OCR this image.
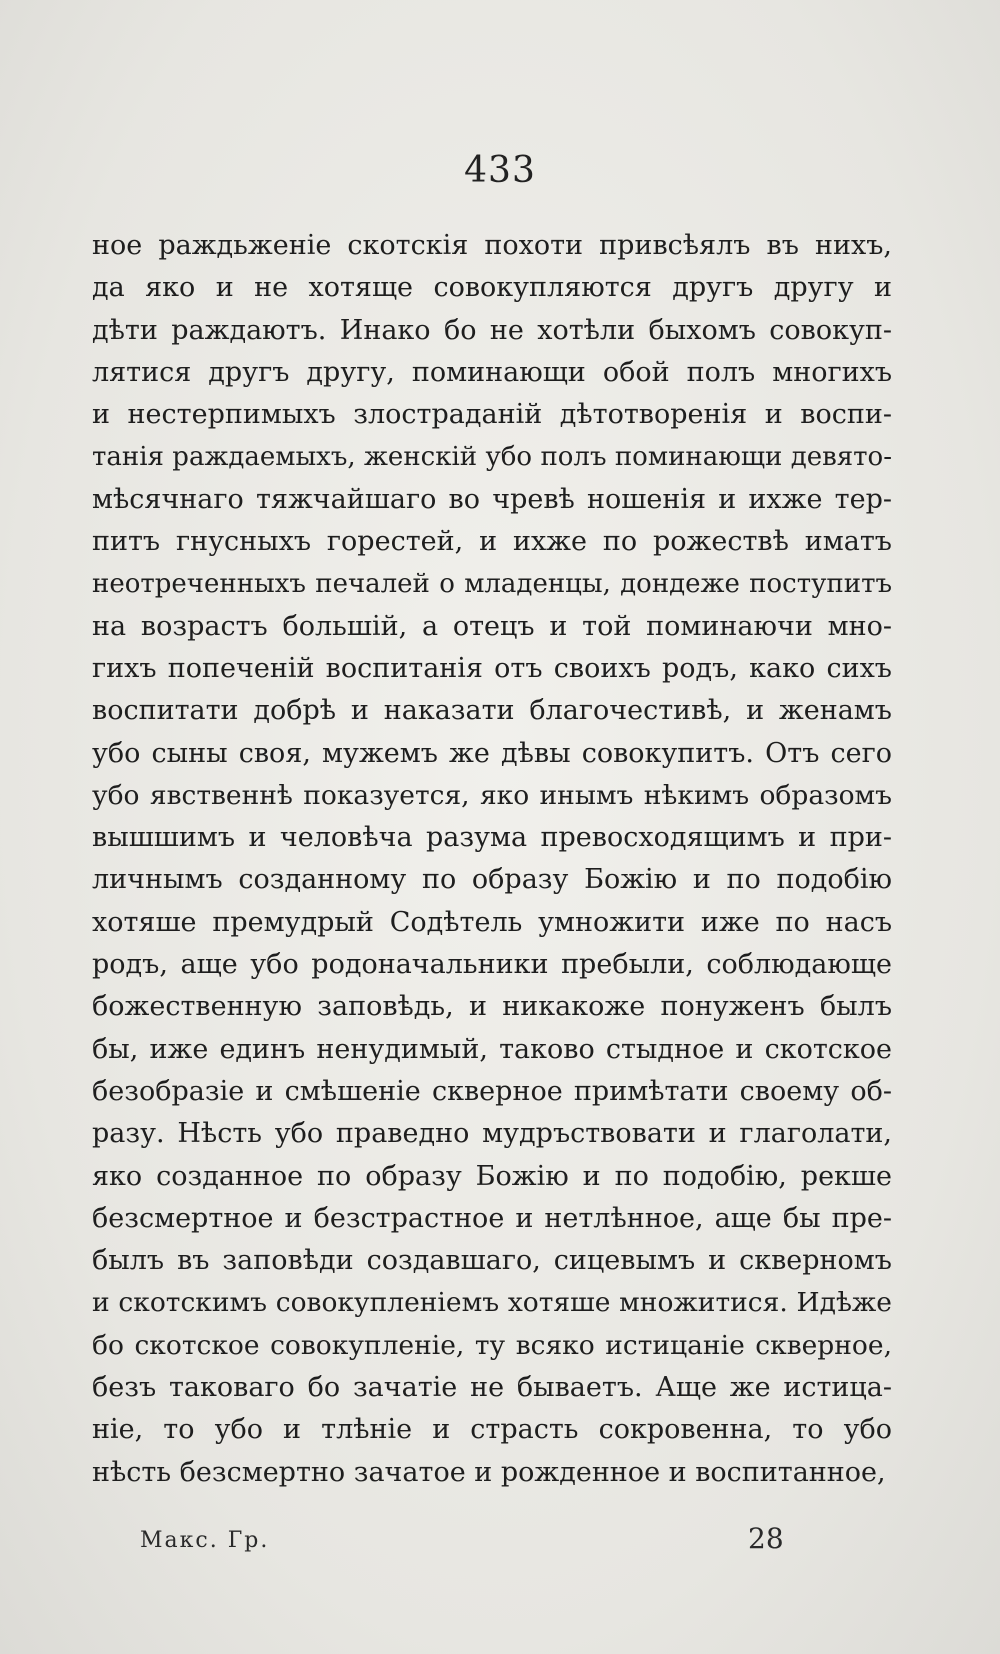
433
ное раждьженіе скотскія похоти привсѣялъ въ нихъ,
да яко и не хотяще совокупляются другъ другу и
дѣти раждаютъ. Инако бо не хотѣли быхомъ совокуп-
лятися другъ другу, поминающи обой полъ многихъ
и нестерпимыхъ злостраданій дѣтотворенія и воспи-
танія раждаемыхъ, женскій убо полъ поминающи девято-
мѣсячнаго тяжчайшаго во чревѣ ношенія и ихже тер-
питъ гнусныхъ горестей, и ихже по рожествѣ иматъ
неотреченныхъ печалей о младенцы, дондеже поступитъ
на возрастъ большій, а отецъ и той поминаючи мно-
гихъ попеченій воспитанія отъ своихъ родъ, како сихъ
воспитати добрѣ и наказати благочестивѣ, и женамъ
убо сыны своя, мужемъ же дѣвы совокупитъ. Отъ сего
убо явственнѣ показуется, яко инымъ нѣкимъ образомъ
вышшимъ и человѣча разума превосходящимъ и при-
личнымъ созданному по образу Божію и по подобію
хотяше премудрый Содѣтель умножити иже по насъ
родъ, аще убо родоначальники пребыли, соблюдающе
божественную заповѣдь, и никакоже понуженъ былъ
бы, иже единъ ненудимый, таково стыдное и скотское
безобразіе и смѣшеніе скверное примѣтати своему об-
разу. Нѣсть убо праведно мудръствовати и глаголати,
яко созданное по образу Божію и по подобію, рекше
безсмертное и безстрастное и нетлѣнное, аще бы пре-
былъ въ заповѣди создавшаго, сицевымъ и скверномъ
и скотскимъ совокупленіемъ хотяше множитися. Идѣже
бо скотское совокупленіе, ту всяко истицаніе скверное,
безъ таковаго бо зачатіе не бываетъ. Аще же истица-
ніе, то убо и тлѣніе и страсть сокровенна, то убо
нѣсть безсмертно зачатое и рожденное и воспитанное,
Макс. Гр.	28
